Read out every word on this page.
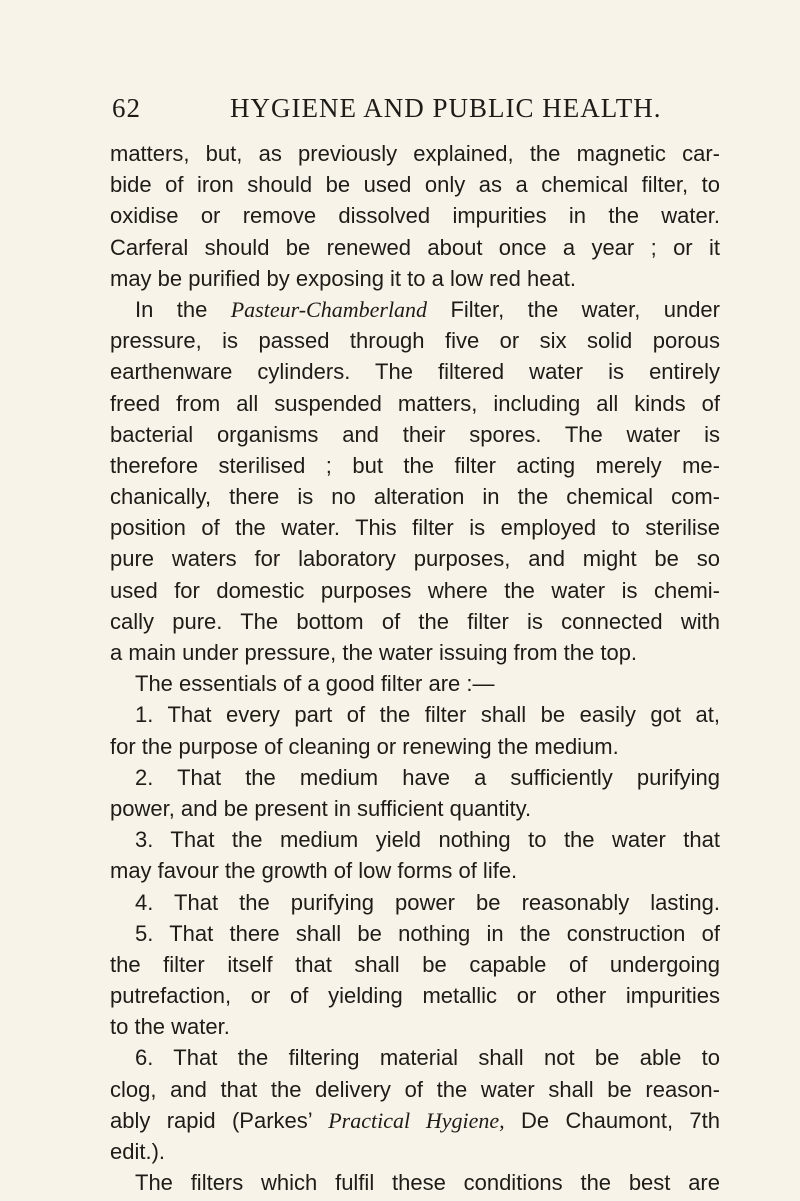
62	HYGIENE AND PUBLIC HEALTH.
matters, but, as previously explained, the magnetic car-
bide of iron should be used only as a chemical filter, to
oxidise or remove dissolved impurities in the water.
Carferal should be renewed about once a year ; or it
may be purified by exposing it to a low red heat.
In the Pasteur-Chamberland Filter, the water, under
pressure, is passed through five or six solid porous
earthenware cylinders. The filtered water is entirely
freed from all suspended matters, including all kinds of
bacterial organisms and their spores. The water is
therefore sterilised ; but the filter acting merely me-
chanically, there is no alteration in the chemical com-
position of the water. This filter is employed to sterilise
pure waters for laboratory purposes, and might be so
used for domestic purposes where the water is chemi-
cally pure. The bottom of the filter is connected with
a main under pressure, the water issuing from the top.
The essentials of a good filter are :—
1. That every part of the filter shall be easily got at,
for the purpose of cleaning or renewing the medium.
2. That the medium have a sufficiently purifying
power, and be present in sufficient quantity.
3. That the medium yield nothing to the water that
may favour the growth of low forms of life.
4. That the purifying power be reasonably lasting.
5. That there shall be nothing in the construction of
the filter itself that shall be capable of undergoing
putrefaction, or of yielding metallic or other impurities
to the water.
6. That the filtering material shall not be able to
clog, and that the delivery of the water shall be reason-
ably rapid (Parkes’ Practical Hygiene, De Chaumont, 7th
edit.).
The filters which fulfil these conditions the best are
